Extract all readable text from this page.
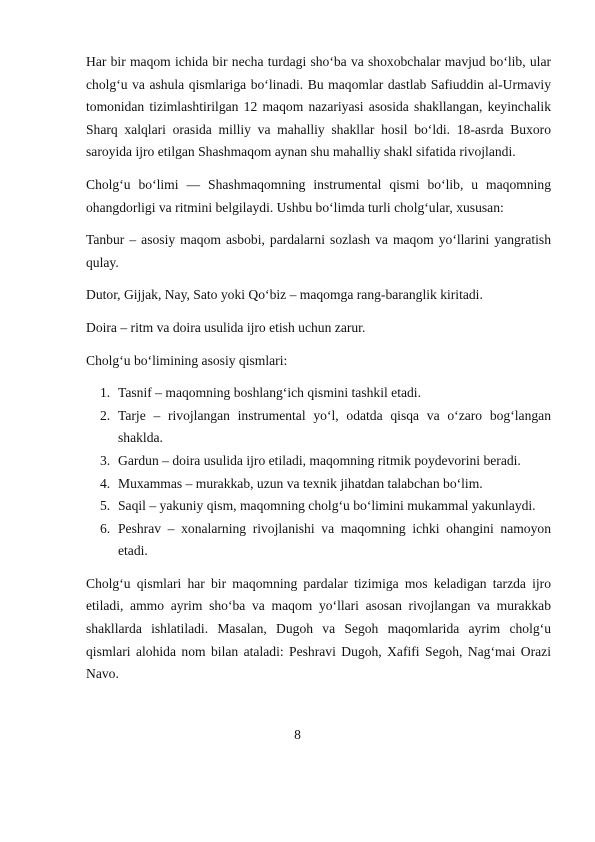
Har bir maqom ichida bir necha turdagi sho‘ba va shoxobchalar mavjud bo‘lib, ular cholg‘u va ashula qismlariga bo‘linadi. Bu maqomlar dastlab Safiuddin al-Urmaviy tomonidan tizimlashtirilgan 12 maqom nazariyasi asosida shakllangan, keyinchalik Sharq xalqlari orasida milliy va mahalliy shakllar hosil bo‘ldi. 18-asrda Buxoro saroyida ijro etilgan Shashmaqom aynan shu mahalliy shakl sifatida rivojlandi.

Cholg‘u bo‘limi — Shashmaqomning instrumental qismi bo‘lib, u maqomning ohangdorligi va ritmini belgilaydi. Ushbu bo‘limda turli cholg‘ular, xususan:

Tanbur – asosiy maqom asbobi, pardalarni sozlash va maqom yo‘llarini yangratish qulay.

Dutor, Gijjak, Nay, Sato yoki Qo‘biz – maqomga rang-baranglik kiritadi.

Doira – ritm va doira usulida ijro etish uchun zarur.

Cholg‘u bo‘limining asosiy qismlari:

1. Tasnif – maqomning boshlang‘ich qismini tashkil etadi.
2. Tarje – rivojlangan instrumental yo‘l, odatda qisqa va o‘zaro bog‘langan shaklda.
3. Gardun – doira usulida ijro etiladi, maqomning ritmik poydevorini beradi.
4. Muxammas – murakkab, uzun va texnik jihatdan talabchan bo‘lim.
5. Saqil – yakuniy qism, maqomning cholg‘u bo‘limini mukammal yakunlaydi.
6. Peshrav – xonalarning rivojlanishi va maqomning ichki ohangini namoyon etadi.

Cholg‘u qismlari har bir maqomning pardalar tizimiga mos keladigan tarzda ijro etiladi, ammo ayrim sho‘ba va maqom yo‘llari asosan rivojlangan va murakkab shakllarda ishlatiladi. Masalan, Dugoh va Segoh maqomlarida ayrim cholg‘u qismlari alohida nom bilan ataladi: Peshravi Dugoh, Xafifi Segoh, Nag‘mai Orazi Navo.

8
